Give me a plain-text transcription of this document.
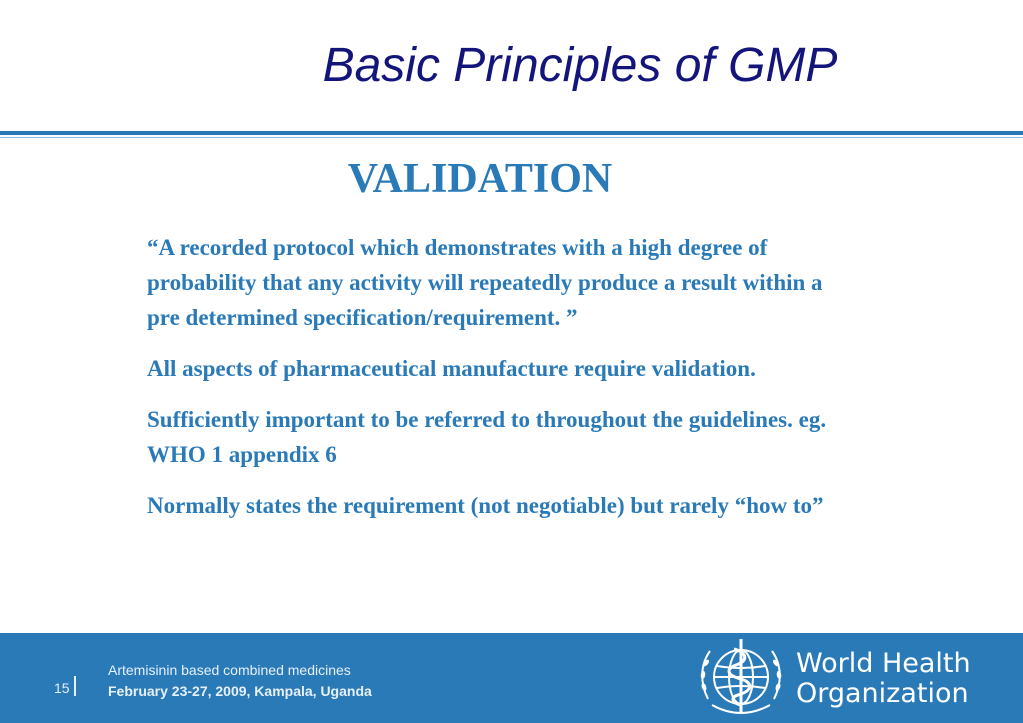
Basic Principles of GMP
VALIDATION

“A recorded protocol which demonstrates with a high degree of probability that any activity will repeatedly produce a result within a pre determined specification/requirement. ”

All aspects of pharmaceutical manufacture require validation.

Sufficiently important to be referred to throughout the guidelines. eg. WHO 1 appendix 6

Normally states the requirement (not negotiable) but rarely “how to”

15
Artemisinin based combined medicines
February 23-27, 2009, Kampala, Uganda
World Health
Organization
